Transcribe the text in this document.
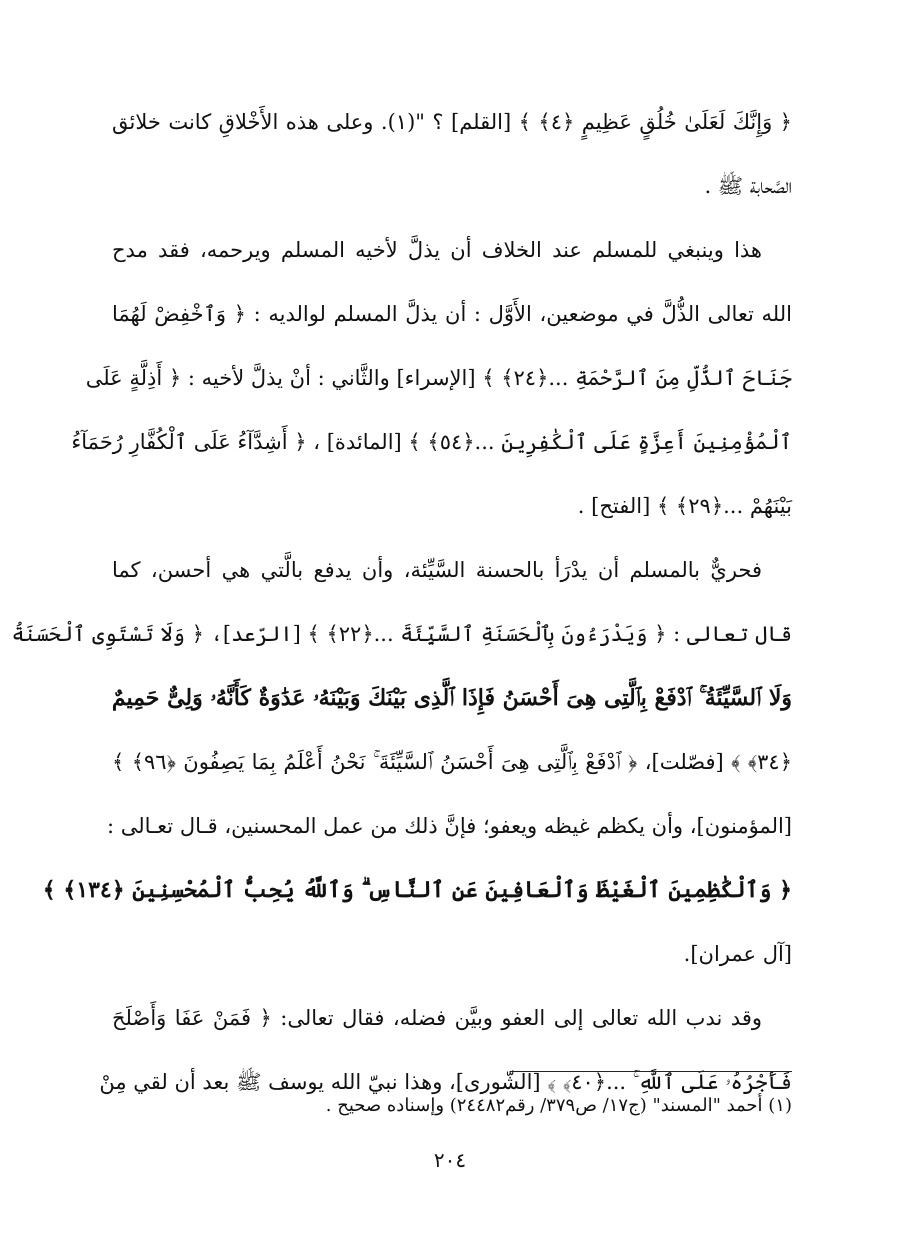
﴿ وَإِنَّكَ لَعَلَىٰ خُلُقٍ عَظِيمٍ ﴿٤﴾ ﴾ [القلم] ؟ "(١). وعلى هذه الأَخْلاقِ كانت خلائق
الصَّحابة ﷺ .
هذا وينبغي للمسلم عند الخلاف أن يذلَّ لأخيه المسلم ويرحمه، فقد مدح
الله تعالى الذُّلَّ في موضعين، الأَوَّل : أن يذلَّ المسلم لوالديه : ﴿ وَٱخْفِضْ لَهُمَا
جَنَاحَ ٱلذُّلِّ مِنَ ٱلرَّحْمَةِ ...﴿٢٤﴾ ﴾ [الإسراء] والثَّاني : أنْ يذلَّ لأخيه : ﴿ أَذِلَّةٍ عَلَى
ٱلْمُؤْمِنِينَ أَعِزَّةٍ عَلَى ٱلْكَٰفِرِينَ ...﴿٥٤﴾ ﴾ [المائدة] ، ﴿ أَشِدَّآءُ عَلَى ٱلْكُفَّارِ رُحَمَآءُ
بَيْنَهُمْ ...﴿٢٩﴾ ﴾ [الفتح] .
فحريٌّ بالمسلم أن يدْرَأ بالحسنة السَّيِّئة، وأن يدفع بالَّتي هي أحسن، كما
قال تعالى : ﴿ وَيَدْرَءُونَ بِٱلْحَسَنَةِ ٱلسَّيِّئَةَ ...﴿٢٢﴾ ﴾ [الرّعد]، ﴿ وَلَا تَسْتَوِى ٱلْحَسَنَةُ
وَلَا ٱلسَّيِّئَةُ ۚ ٱدْفَعْ بِٱلَّتِى هِىَ أَحْسَنُ فَإِذَا ٱلَّذِى بَيْنَكَ وَبَيْنَهُۥ عَدَٰوَةٌ كَأَنَّهُۥ وَلِىٌّ حَمِيمٌ
﴿٣٤﴾ ﴾ [فصّلت]، ﴿ ٱدْفَعْ بِٱلَّتِى هِىَ أَحْسَنُ ٱلسَّيِّئَةَ ۚ نَحْنُ أَعْلَمُ بِمَا يَصِفُونَ ﴿٩٦﴾ ﴾
[المؤمنون]، وأن يكظم غيظه ويعفو؛ فإنَّ ذلك من عمل المحسنين، قـال تعـالى :
﴿ وَٱلْكَٰظِمِينَ ٱلْغَيْظَ وَٱلْعَافِينَ عَنِ ٱلنَّاسِ ۗ وَٱللَّهُ يُحِبُّ ٱلْمُحْسِنِينَ ﴿١٣٤﴾ ﴾
[آل عمران].
وقد ندب الله تعالى إلى العفو وبيَّن فضله، فقال تعالى: ﴿ فَمَنْ عَفَا وَأَصْلَحَ
فَأَجْرُهُۥ عَلَى ٱللَّهِ ۚ ...﴿٤٠﴾ ﴾ [الشّورى]، وهذا نبيّ الله يوسف ﷺ بعد أن لقي مِنْ
(١) أحمد "المسند" (ج١٧/ ص٣٧٩/ رقم٢٤٤٨٢) وإسناده صحيح .
٢٠٤
